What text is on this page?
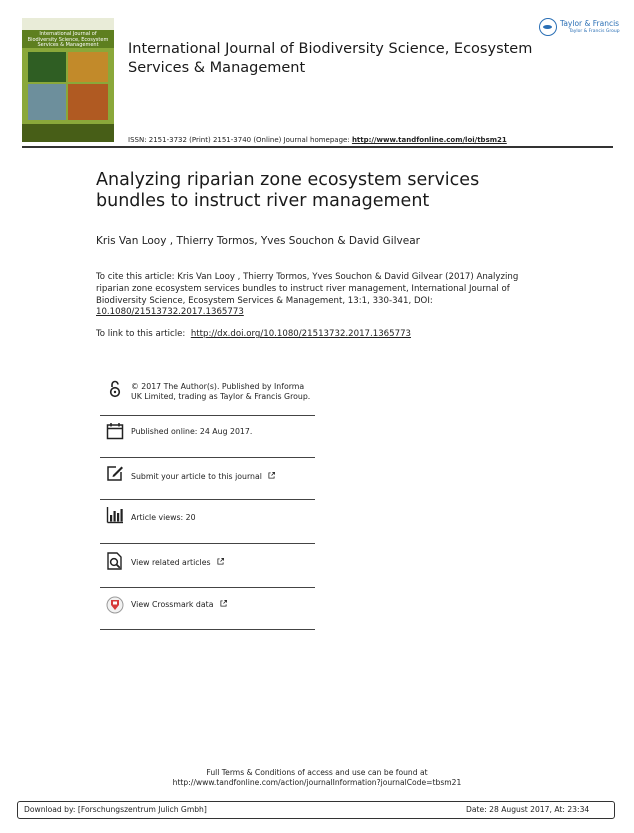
International Journal of Biodiversity Science, Ecosystem Services & Management	International Journal of Biodiversity Science, Ecosystem Services & Management
Taylor & Francis
Taylor & Francis Group
ISSN: 2151-3732 (Print) 2151-3740 (Online) Journal homepage: http://www.tandfonline.com/loi/tbsm21
Analyzing riparian zone ecosystem services bundles to instruct river management
Kris Van Looy , Thierry Tormos, Yves Souchon & David Gilvear
To cite this article: Kris Van Looy , Thierry Tormos, Yves Souchon & David Gilvear (2017) Analyzing riparian zone ecosystem services bundles to instruct river management, International Journal of Biodiversity Science, Ecosystem Services & Management, 13:1, 330-341, DOI: 10.1080/21513732.2017.1365773
To link to this article:  http://dx.doi.org/10.1080/21513732.2017.1365773
© 2017 The Author(s). Published by Informa UK Limited, trading as Taylor & Francis Group.
Published online: 24 Aug 2017.
Submit your article to this journal
Article views: 20
View related articles
View Crossmark data
Full Terms & Conditions of access and use can be found at
http://www.tandfonline.com/action/journalInformation?journalCode=tbsm21
Download by: [Forschungszentrum Julich Gmbh]	Date: 28 August 2017, At: 23:34
